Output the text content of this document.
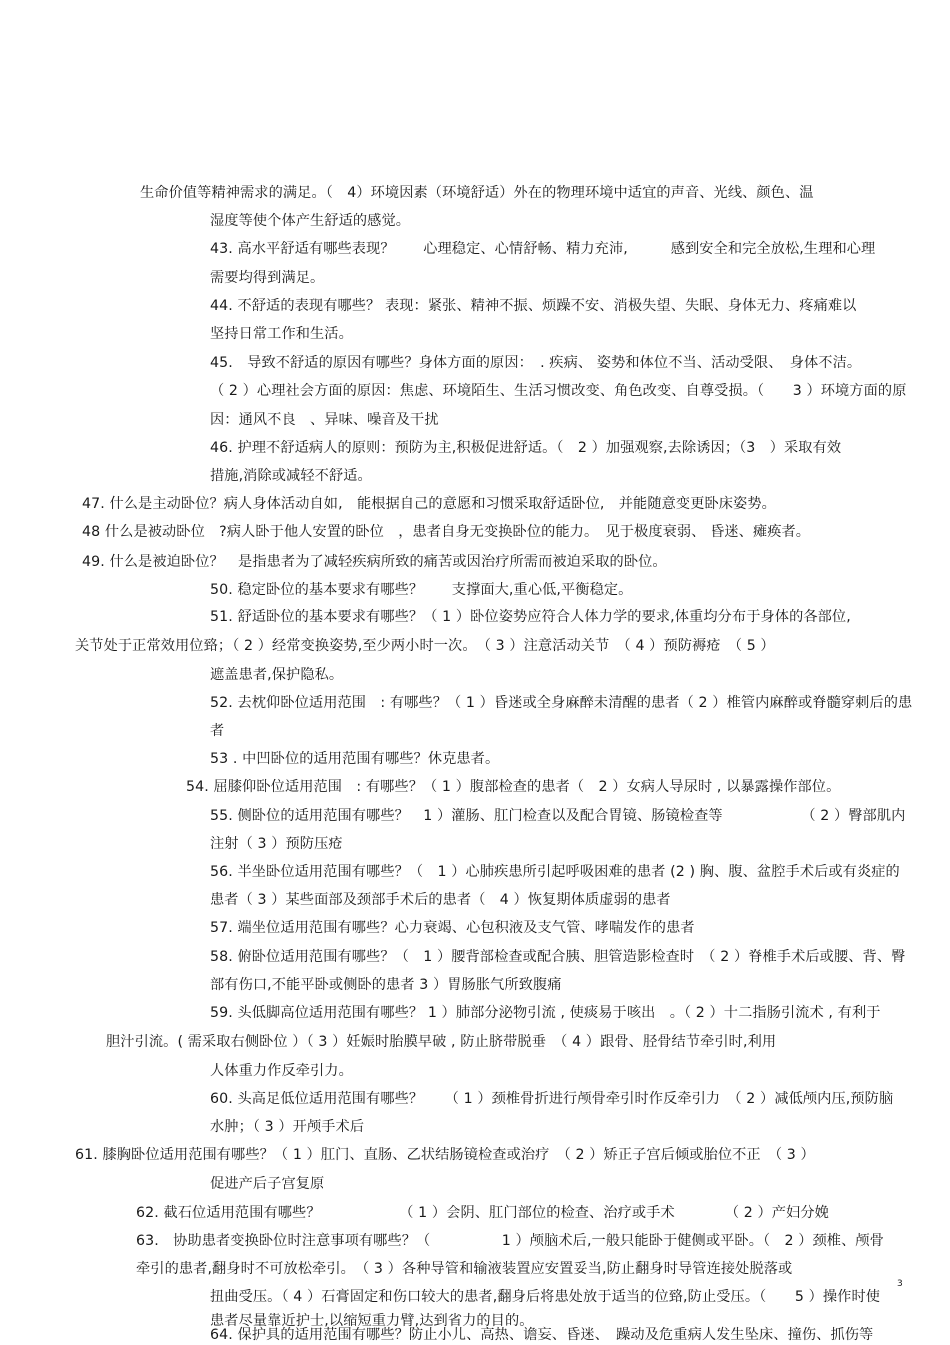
生命价值等精神需求的满足。（　4）环境因素（环境舒适）外在的物理环境中适宜的声音、光线、颜色、温
湿度等使个体产生舒适的感觉。
43. 高水平舒适有哪些表现？　　心理稳定、心情舒畅、精力充沛,　　　感到安全和完全放松,生理和心理
需要均得到满足。
44. 不舒适的表现有哪些？ 表现：紧张、精神不振、烦躁不安、消极失望、失眠、身体无力、疼痛难以
坚持日常工作和生活。
45.　导致不舒适的原因有哪些？身体方面的原因：　. 疾病、 姿势和体位不当、活动受限、　身体不洁。
（ 2 ）心理社会方面的原因：焦虑、环境陌生、生活习惯改变、角色改变、自尊受损。（　　3 ）环境方面的原
因：通风不良　、异味、噪音及干扰
46. 护理不舒适病人的原则：预防为主,积极促进舒适。（　2 ）加强观察,去除诱因；（3　）采取有效
措施,消除或减轻不舒适。
47. 什么是主动卧位？病人身体活动自如,　能根据自己的意愿和习惯采取舒适卧位,　并能随意变更卧床姿势。
48 什么是被动卧位　?病人卧于他人安置的卧位　，患者自身无变换卧位的能力。　见于极度衰弱、 昏迷、瘫痪者。
49. 什么是被迫卧位？　是指患者为了减轻疾病所致的痛苦或因治疗所需而被迫采取的卧位。
50. 稳定卧位的基本要求有哪些？　　支撑面大,重心低,平衡稳定。
51. 舒适卧位的基本要求有哪些？（ 1 ）卧位姿势应符合人体力学的要求,体重均分布于身体的各部位,
关节处于正常效用位臵；（ 2 ）经常变换姿势,至少两小时一次。　（ 3 ）注意活动关节　（ 4 ）预防褥疮　（ 5 ）
遮盖患者,保护隐私。
52. 去枕仰卧位适用范围　: 有哪些？（ 1 ）昏迷或全身麻醉未清醒的患者（ 2 ）椎管内麻醉或脊髓穿刺后的患
者
53 . 中凹卧位的适用范围有哪些？休克患者。
54. 屈膝仰卧位适用范围　: 有哪些？（ 1 ）腹部检查的患者（　2 ）女病人导尿时 , 以暴露操作部位。
55. 侧卧位的适用范围有哪些？　1 ）灌肠、肛门检查以及配合胃镜、肠镜检查等　　　　　　（ 2 ）臀部肌内
注射（ 3 ）预防压疮
56. 半坐卧位适用范围有哪些？（　1 ）心肺疾患所引起呼吸困难的患者 (2 ) 胸、腹、盆腔手术后或有炎症的
患者（ 3 ）某些面部及颈部手术后的患者（　4 ）恢复期体质虚弱的患者
57. 端坐位适用范围有哪些？心力衰竭、心包积液及支气管、哮喘发作的患者
58. 俯卧位适用范围有哪些？（　1 ）腰背部检查或配合胰、胆管造影检查时　（ 2 ）脊椎手术后或腰、背、臀
部有伤口,不能平卧或侧卧的患者 3 ）胃肠胀气所致腹痛
59. 头低脚高位适用范围有哪些？ 1 ）肺部分泌物引流 , 使痰易于咳出　。（ 2 ）十二指肠引流术 , 有利于
胆汁引流。( 需采取右侧卧位 ）（ 3 ）妊娠时胎膜早破 , 防止脐带脱垂　（ 4 ）跟骨、胫骨结节牵引时,利用
人体重力作反牵引力。
60. 头高足低位适用范围有哪些？　　（ 1 ）颈椎骨折进行颅骨牵引时作反牵引力　（ 2 ）减低颅内压,预防脑
水肿；（ 3 ）开颅手术后
61. 膝胸卧位适用范围有哪些？（ 1 ）肛门、直肠、乙状结肠镜检查或治疗　（ 2 ）矫正子宫后倾或胎位不正　（ 3 ）
促进产后子宫复原
62. 截石位适用范围有哪些？　　　　　　（ 1 ）会阴、肛门部位的检查、治疗或手术　　　　（ 2 ）产妇分娩
63.　协助患者变换卧位时注意事项有哪些？（　　　　　1 ）颅脑术后,一般只能卧于健侧或平卧。（　2 ）颈椎、颅骨
牵引的患者,翻身时不可放松牵引。　（ 3 ）各种导管和输液装置应安置妥当,防止翻身时导管连接处脱落或
扭曲受压。（ 4 ）石膏固定和伤口较大的患者,翻身后将患处放于适当的位臵,防止受压。（　　5 ）操作时使
患者尽量靠近护士,以缩短重力臂,达到省力的目的。
64. 保护具的适用范围有哪些？防止小儿、高热、谵妄、昏迷、　躁动及危重病人发生坠床、撞伤、抓伤等
3
